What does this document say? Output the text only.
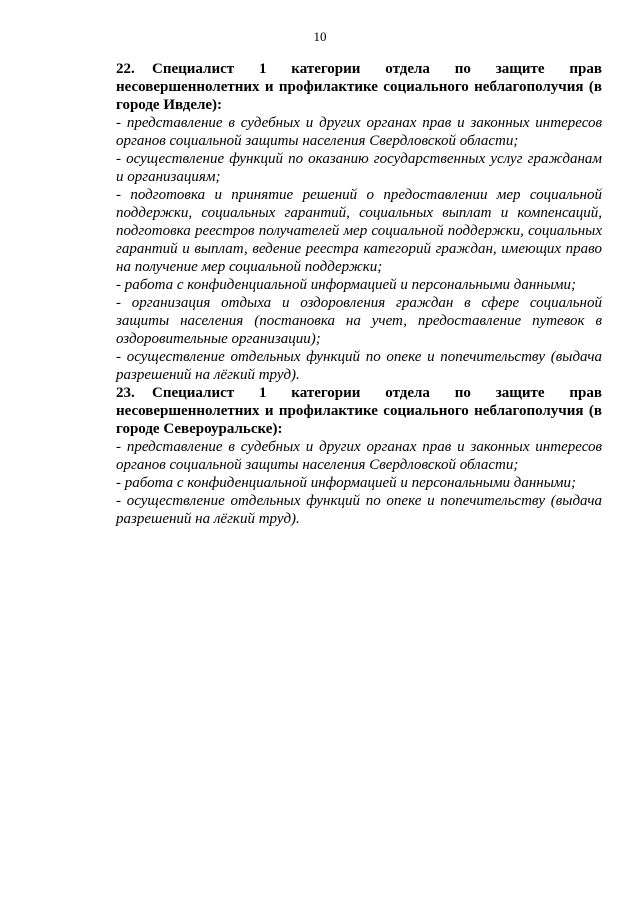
10

22. Специалист 1 категории отдела по защите прав несовершеннолетних и профилактике социального неблагополучия (в городе Ивделе):

- представление в судебных и других органах прав и законных интересов органов социальной защиты населения Свердловской области;

- осуществление функций по оказанию государственных услуг гражданам и организациям;

- подготовка и принятие решений о предоставлении мер социальной поддержки, социальных гарантий, социальных выплат и компенсаций, подготовка реестров получателей мер социальной поддержки, социальных гарантий и выплат, ведение реестра категорий граждан, имеющих право на получение мер социальной поддержки;

- работа с конфиденциальной информацией и персональными данными;

- организация отдыха и оздоровления граждан в сфере социальной защиты населения (постановка на учет, предоставление путевок в оздоровительные организации);

- осуществление отдельных функций по опеке и попечительству (выдача разрешений на лёгкий труд).

23. Специалист 1 категории отдела по защите прав несовершеннолетних и профилактике социального неблагополучия (в городе Североуральске):

- представление в судебных и других органах прав и законных интересов органов социальной защиты населения Свердловской области;

- работа с конфиденциальной информацией и персональными данными;

- осуществление отдельных функций по опеке и попечительству (выдача разрешений на лёгкий труд).
